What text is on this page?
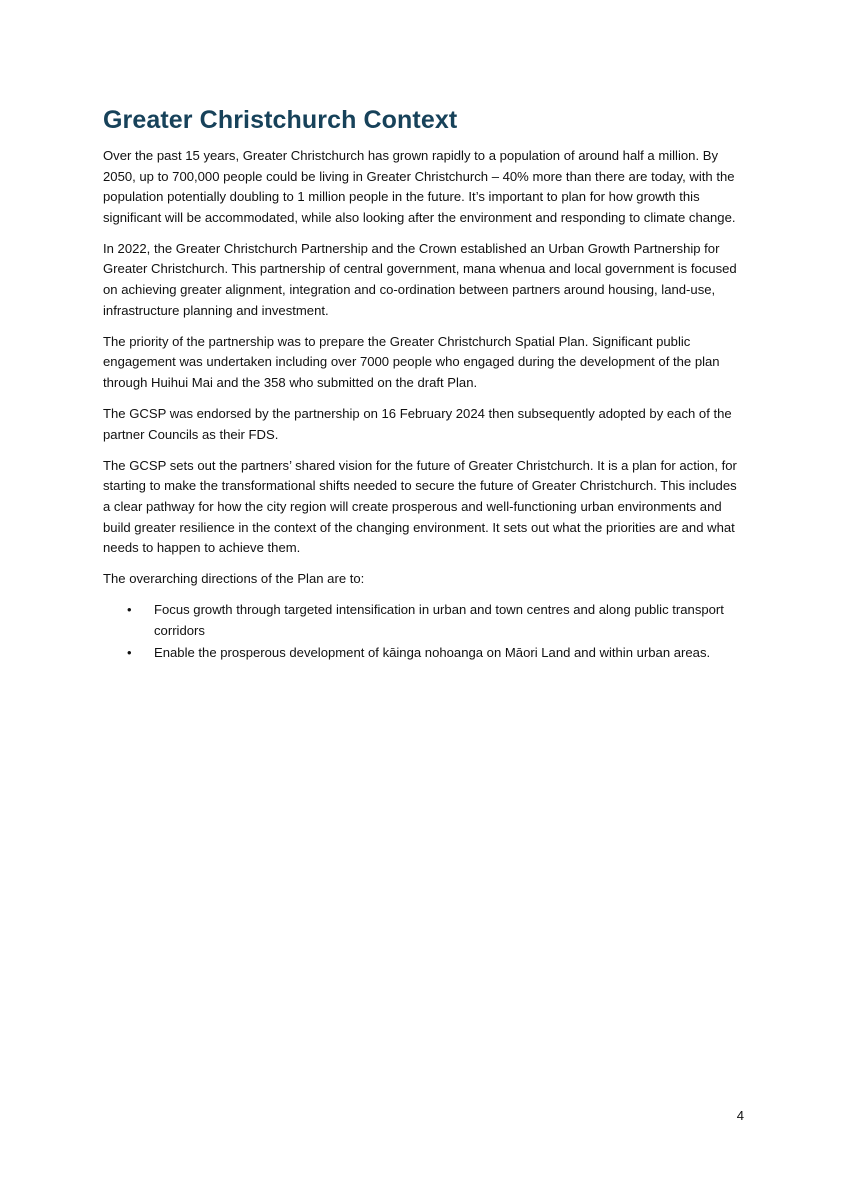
Greater Christchurch Context

Over the past 15 years, Greater Christchurch has grown rapidly to a population of around half a million. By 2050, up to 700,000 people could be living in Greater Christchurch – 40% more than there are today, with the population potentially doubling to 1 million people in the future. It’s important to plan for how growth this significant will be accommodated, while also looking after the environment and responding to climate change.

In 2022, the Greater Christchurch Partnership and the Crown established an Urban Growth Partnership for Greater Christchurch. This partnership of central government, mana whenua and local government is focused on achieving greater alignment, integration and co-ordination between partners around housing, land-use, infrastructure planning and investment.

The priority of the partnership was to prepare the Greater Christchurch Spatial Plan. Significant public engagement was undertaken including over 7000 people who engaged during the development of the plan through Huihui Mai and the 358 who submitted on the draft Plan.

The GCSP was endorsed by the partnership on 16 February 2024 then subsequently adopted by each of the partner Councils as their FDS.

The GCSP sets out the partners’ shared vision for the future of Greater Christchurch. It is a plan for action, for starting to make the transformational shifts needed to secure the future of Greater Christchurch. This includes a clear pathway for how the city region will create prosperous and well-functioning urban environments and build greater resilience in the context of the changing environment. It sets out what the priorities are and what needs to happen to achieve them.

The overarching directions of the Plan are to:

• Focus growth through targeted intensification in urban and town centres and along public transport corridors
• Enable the prosperous development of kāinga nohoanga on Māori Land and within urban areas.
4
